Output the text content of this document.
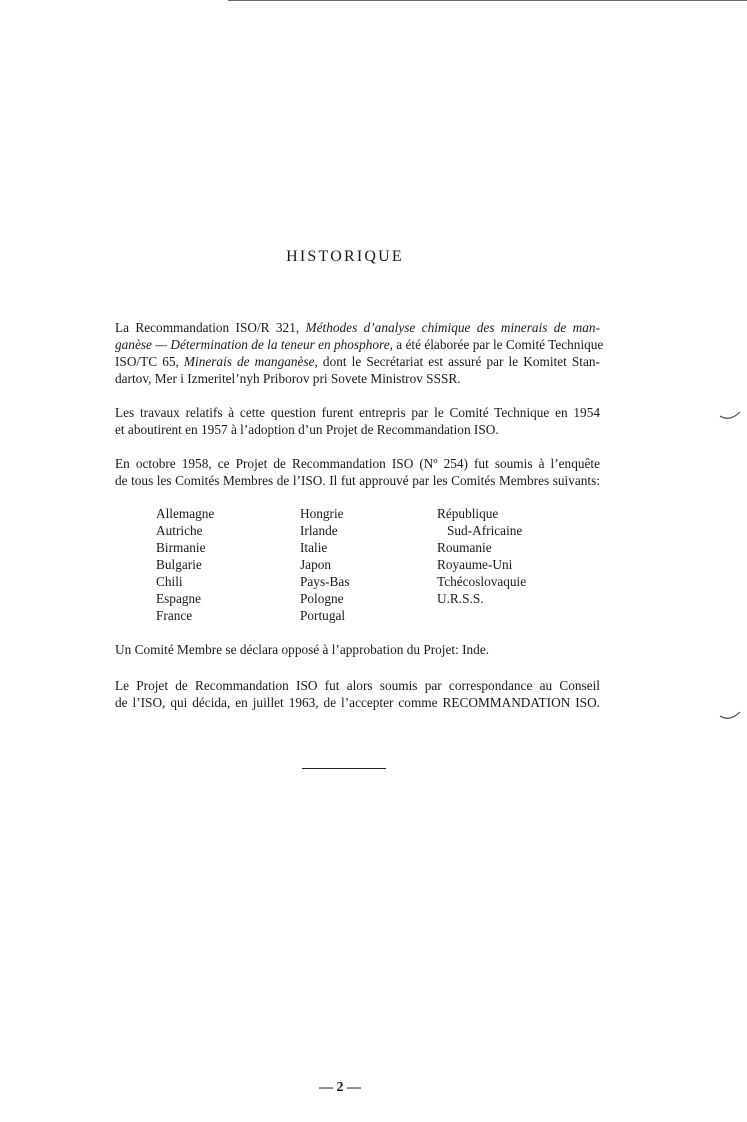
HISTORIQUE

La Recommandation ISO/R 321, Méthodes d’analyse chimique des minerais de man-
ganèse — Détermination de la teneur en phosphore, a été élaborée par le Comité Technique
ISO/TC 65, Minerais de manganèse, dont le Secrétariat est assuré par le Komitet Stan-
dartov, Mer i Izmeritel’nyh Priborov pri Sovete Ministrov SSSR.

Les travaux relatifs à cette question furent entrepris par le Comité Technique en 1954
et aboutirent en 1957 à l’adoption d’un Projet de Recommandation ISO.

En octobre 1958, ce Projet de Recommandation ISO (Nº 254) fut soumis à l’enquête
de tous les Comités Membres de l’ISO. Il fut approuvé par les Comités Membres suivants:

Allemagne
Autriche
Birmanie
Bulgarie
Chili
Espagne
France
Hongrie
Irlande
Italie
Japon
Pays-Bas
Pologne
Portugal
République
Sud-Africaine
Roumanie
Royaume-Uni
Tchécoslovaquie
U.R.S.S.

Un Comité Membre se déclara opposé à l’approbation du Projet: Inde.

Le Projet de Recommandation ISO fut alors soumis par correspondance au Conseil
de l’ISO, qui décida, en juillet 1963, de l’accepter comme RECOMMANDATION ISO.

— 2 —
